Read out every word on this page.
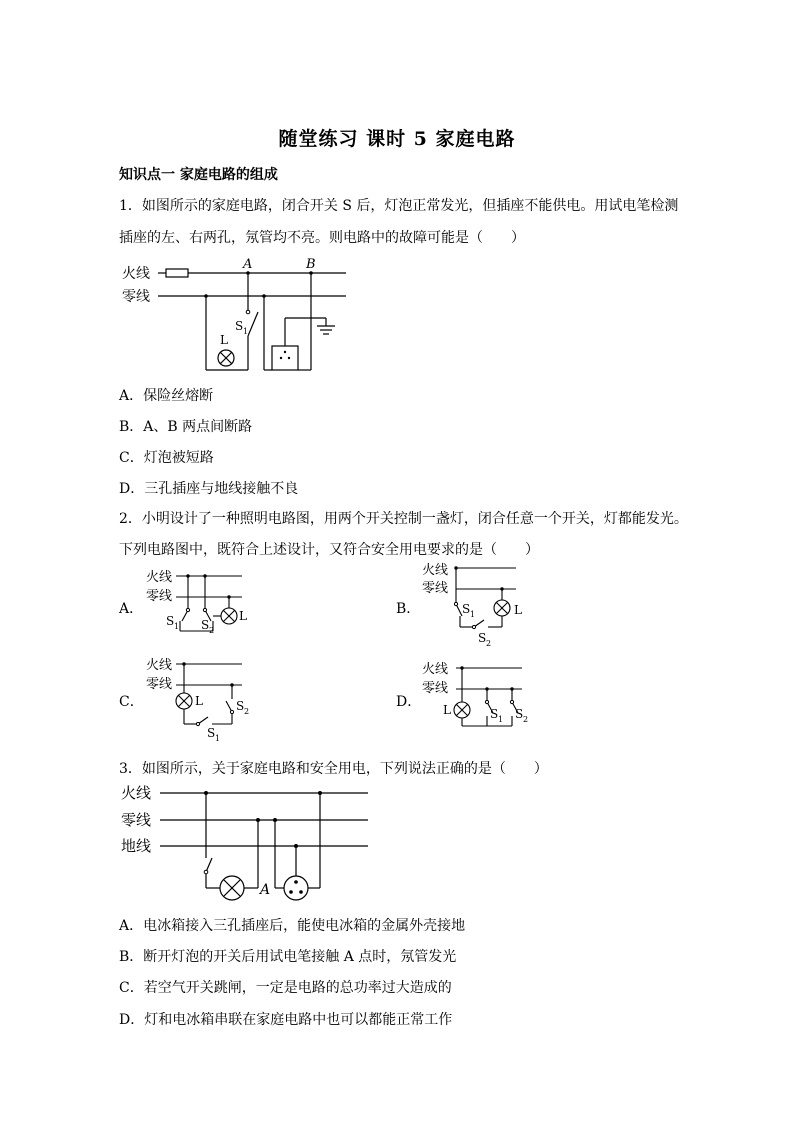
随堂练习 课时 5 家庭电路
知识点一 家庭电路的组成
1．如图所示的家庭电路，闭合开关 S 后，灯泡正常发光，但插座不能供电。用试电笔检测
插座的左、右两孔，氖管均不亮。则电路中的故障可能是（　　）
火线
零线
A	B
S 1
L
A．保险丝熔断
B．A、B 两点间断路
C．灯泡被短路
D．三孔插座与地线接触不良
2．小明设计了一种照明电路图，用两个开关控制一盏灯，闭合任意一个开关，灯都能发光。
下列电路图中，既符合上述设计，又符合安全用电要求的是（　　）
A．	B．
C．	D．
火线
零线
S 1 S 2
L
火线
零线
S 1
S 2
L
火线
零线
L	S 2
S 1
火线
零线
L	S 1 S 2
3．如图所示，关于家庭电路和安全用电，下列说法正确的是（　　）
火线
零线
地线
A
A．电冰箱接入三孔插座后，能使电冰箱的金属外壳接地
B．断开灯泡的开关后用试电笔接触 A 点时，氖管发光
C．若空气开关跳闸，一定是电路的总功率过大造成的
D．灯和电冰箱串联在家庭电路中也可以都能正常工作
